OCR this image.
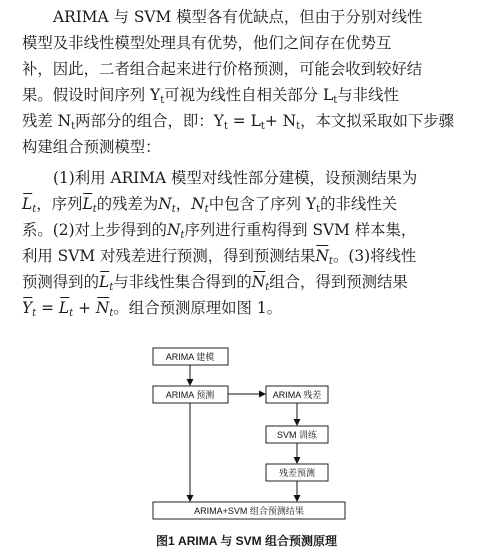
ARIMA 与 SVM 模型各有优缺点，但由于分别对线性
模型及非线性模型处理具有优势，他们之间存在优势互
补，因此，二者组合起来进行价格预测，可能会收到较好结
果。假设时间序列 $Y_t$可视为线性自相关部分 $L_t$与非线性
残差 $N_t$两部分的组合，即：$Y_t = L_t+ N_t$，本文拟采取如下步骤
构建组合预测模型：
(1)利用 ARIMA 模型对线性部分建模，设预测结果为
$L_t$，序列$L_t$的残差为$N_t$，$N_t$中包含了序列 $Y_t$的非线性关
系。(2)对上步得到的$N_t$序列进行重构得到 SVM 样本集，
利用 SVM 对残差进行预测，得到预测结果$N_t$。(3)将线性
预测得到的$L_t$与非线性集合得到的$N_t$组合，得到预测结果
$Y_t = L_t + N_t$。组合预测原理如图 1。
ARIMA 建模
ARIMA 预测	ARIMA 残差
SVM 训练
残差预测
ARIMA+SVM 组合预测结果
图1 ARIMA 与 SVM 组合预测原理
